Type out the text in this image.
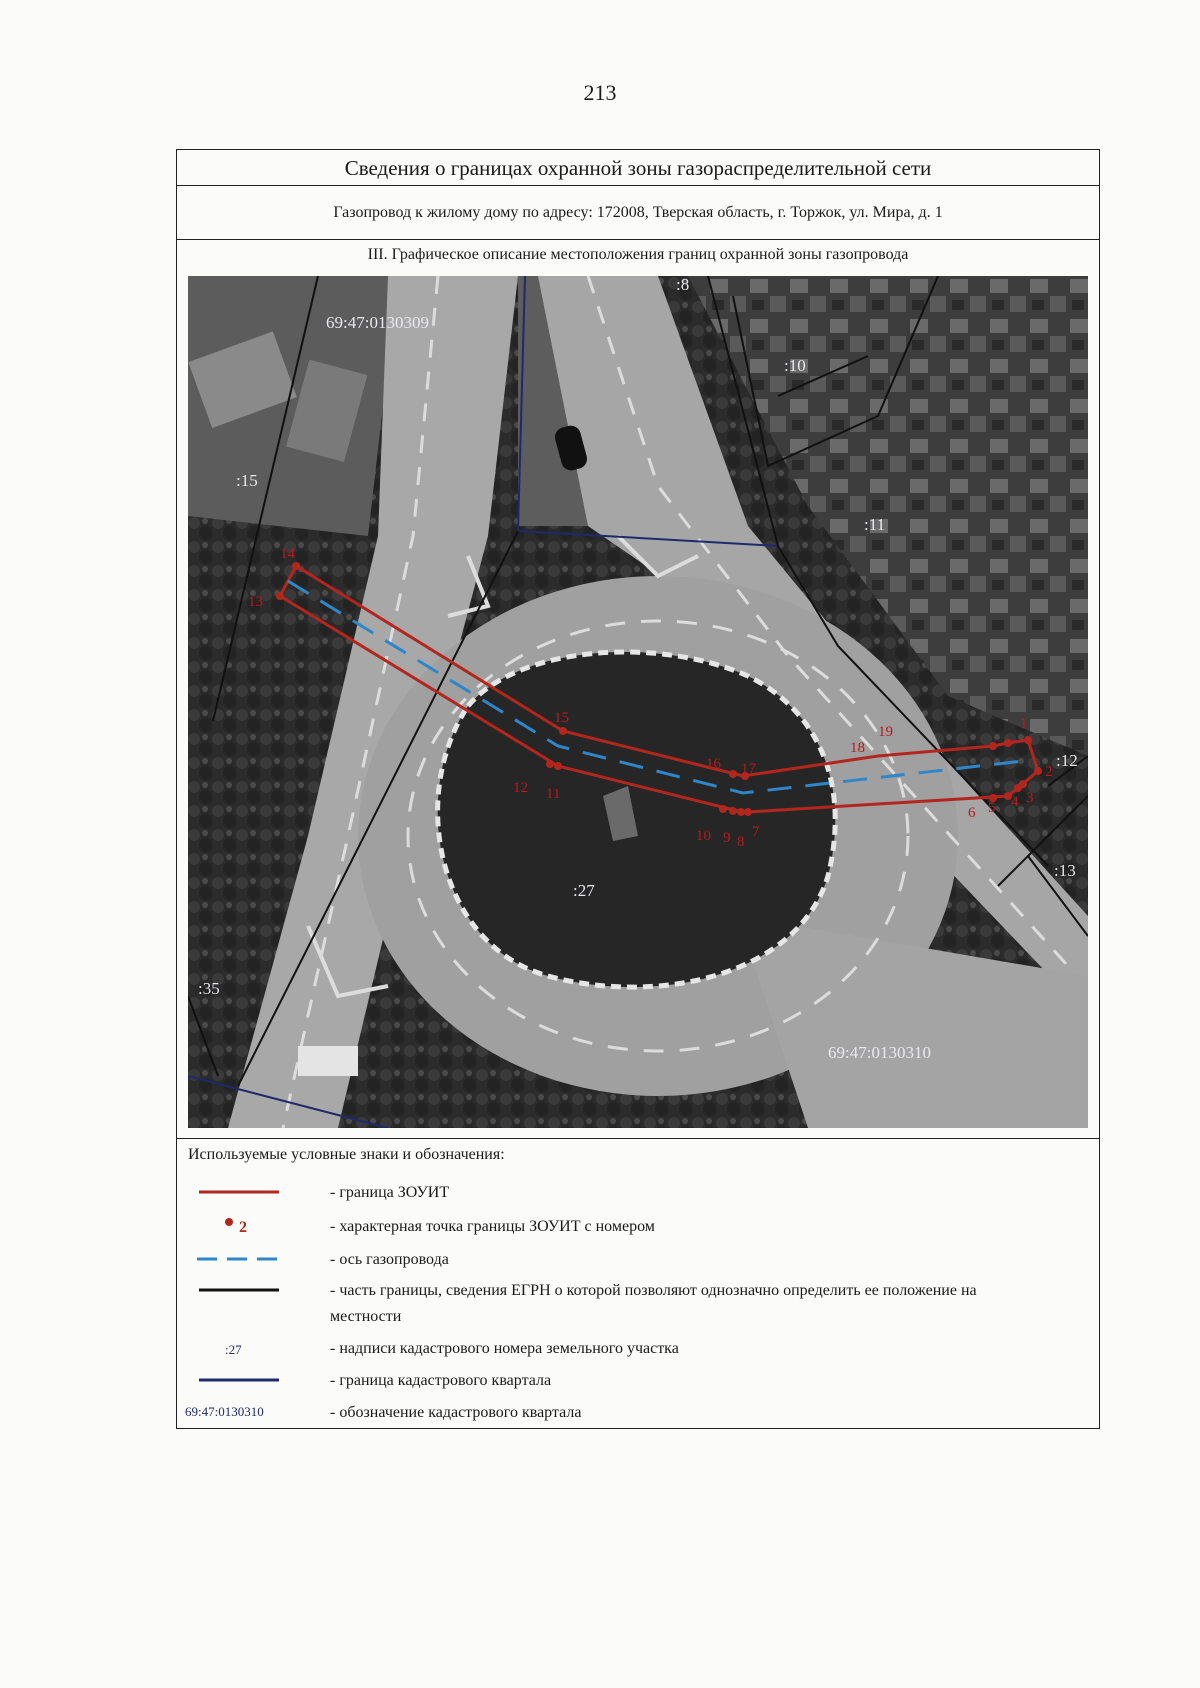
213
Сведения о границах охранной зоны газораспределительной сети
Газопровод к жилому дому по адресу: 172008, Тверская область, г. Торжок, ул. Мира, д. 1
III. Графическое описание местоположения границ охранной зоны газопровода
1
2
3
4
5
6
7
8
9
10
11
12
13
14
15
16 17
18
19
69:47:0130309
69:47:0130310
:8
:10
:15
:11
:12
:13
:27
:35
Используемые условные знаки и обозначения:
- граница ЗОУИТ
2	- характерная точка границы ЗОУИТ с номером
- ось газопровода
- часть границы, сведения ЕГРН о которой позволяют однозначно определить ее положение на местности
:27	- надписи кадастрового номера земельного участка
- граница кадастрового квартала
69:47:0130310	- обозначение кадастрового квартала
